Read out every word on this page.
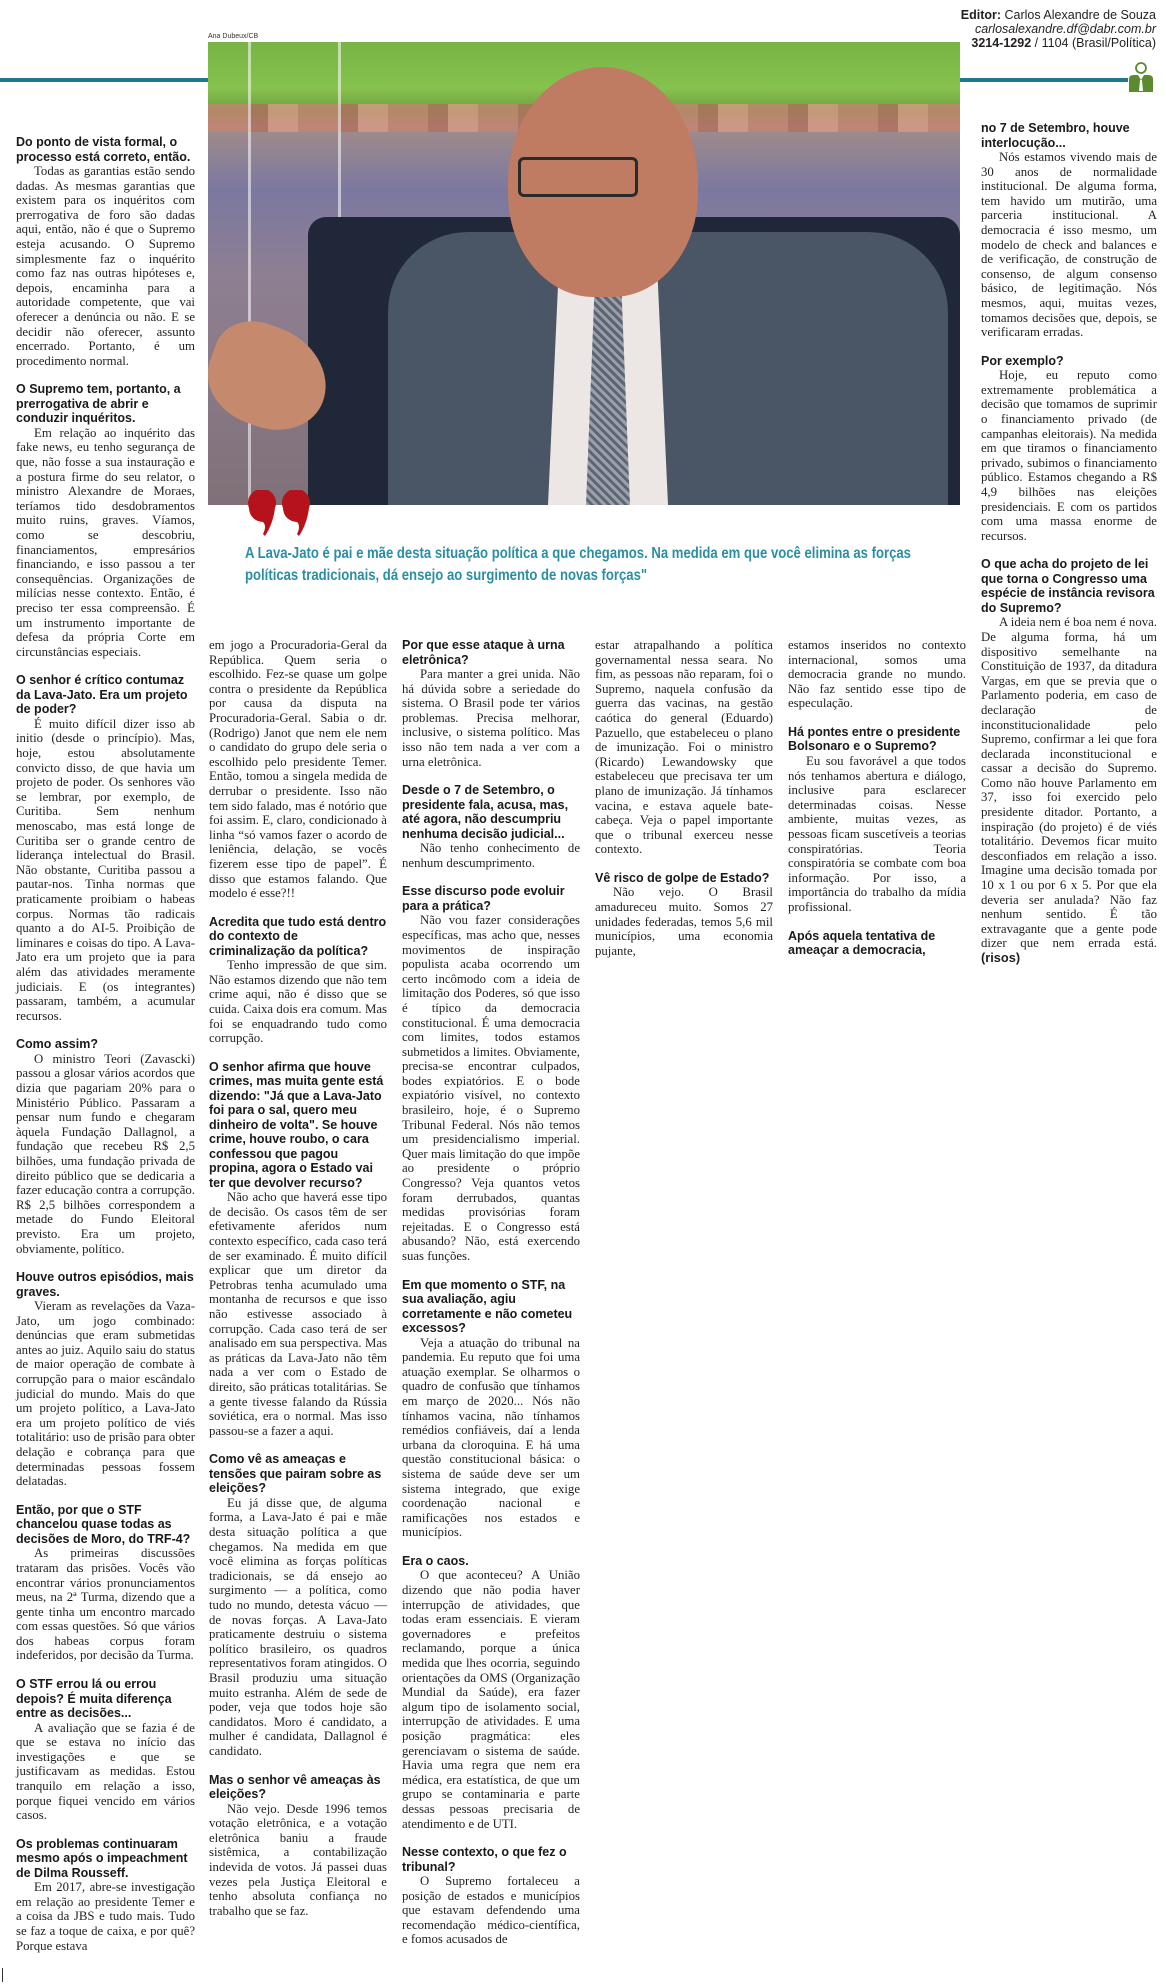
Editor: Carlos Alexandre de Souza
carlosalexandre.df@dabr.com.br
3214-1292 / 1104 (Brasil/Política)
Ana Dubeux/CB
A Lava-Jato é pai e mãe desta situação política a que chegamos. Na medida em que você elimina as forças políticas tradicionais, dá ensejo ao surgimento de novas forças"

Do ponto de vista formal, o processo está correto, então.

Todas as garantias estão sendo dadas. As mesmas garantias que existem para os inquéritos com prerrogativa de foro são dadas aqui, então, não é que o Supremo esteja acusando. O Supremo simplesmente faz o inquérito como faz nas outras hipóteses e, depois, encaminha para a autoridade competente, que vai oferecer a denúncia ou não. E se decidir não oferecer, assunto encerrado. Portanto, é um procedimento normal.

O Supremo tem, portanto, a prerrogativa de abrir e conduzir inquéritos.

Em relação ao inquérito das fake news, eu tenho segurança de que, não fosse a sua instauração e a postura firme do seu relator, o ministro Alexandre de Moraes, teríamos tido desdobramentos muito ruins, graves. Víamos, como se descobriu, financiamentos, empresários financiando, e isso passou a ter consequências. Organizações de milícias nesse contexto. Então, é preciso ter essa compreensão. É um instrumento importante de defesa da própria Corte em circunstâncias especiais.

O senhor é crítico contumaz da Lava-Jato. Era um projeto de poder?

É muito difícil dizer isso ab initio (desde o princípio). Mas, hoje, estou absolutamente convicto disso, de que havia um projeto de poder. Os senhores vão se lembrar, por exemplo, de Curitiba. Sem nenhum menoscabo, mas está longe de Curitiba ser o grande centro de liderança intelectual do Brasil. Não obstante, Curitiba passou a pautar-nos. Tinha normas que praticamente proibiam o habeas corpus. Normas tão radicais quanto a do AI-5. Proibição de liminares e coisas do tipo. A Lava-Jato era um projeto que ia para além das atividades meramente judiciais. E (os integrantes) passaram, também, a acumular recursos.

Como assim?

O ministro Teori (Zavascki) passou a glosar vários acordos que dizia que pagariam 20% para o Ministério Público. Passaram a pensar num fundo e chegaram àquela Fundação Dallagnol, a fundação que recebeu R$ 2,5 bilhões, uma fundação privada de direito público que se dedicaria a fazer educação contra a corrupção. R$ 2,5 bilhões correspondem a metade do Fundo Eleitoral previsto. Era um projeto, obviamente, político.

Houve outros episódios, mais graves.

Vieram as revelações da Vaza-Jato, um jogo combinado: denúncias que eram submetidas antes ao juiz. Aquilo saiu do status de maior operação de combate à corrupção para o maior escândalo judicial do mundo. Mais do que um projeto político, a Lava-Jato era um projeto político de viés totalitário: uso de prisão para obter delação e cobrança para que determinadas pessoas fossem delatadas.

Então, por que o STF chancelou quase todas as decisões de Moro, do TRF-4?

As primeiras discussões trataram das prisões. Vocês vão encontrar vários pronunciamentos meus, na 2ª Turma, dizendo que a gente tinha um encontro marcado com essas questões. Só que vários dos habeas corpus foram indeferidos, por decisão da Turma.

O STF errou lá ou errou depois? É muita diferença entre as decisões...

A avaliação que se fazia é de que se estava no início das investigações e que se justificavam as medidas. Estou tranquilo em relação a isso, porque fiquei vencido em vários casos.

Os problemas continuaram mesmo após o impeachment de Dilma Rousseff.

Em 2017, abre-se investigação em relação ao presidente Temer e a coisa da JBS e tudo mais. Tudo se faz a toque de caixa, e por quê? Porque estava

em jogo a Procuradoria-Geral da República. Quem seria o escolhido. Fez-se quase um golpe contra o presidente da República por causa da disputa na Procuradoria-Geral. Sabia o dr. (Rodrigo) Janot que nem ele nem o candidato do grupo dele seria o escolhido pelo presidente Temer. Então, tomou a singela medida de derrubar o presidente. Isso não tem sido falado, mas é notório que foi assim. E, claro, condicionado à linha “só vamos fazer o acordo de leniência, delação, se vocês fizerem esse tipo de papel”. É disso que estamos falando. Que modelo é esse?!!

Acredita que tudo está dentro do contexto de criminalização da política?

Tenho impressão de que sim. Não estamos dizendo que não tem crime aqui, não é disso que se cuida. Caixa dois era comum. Mas foi se enquadrando tudo como corrupção.

O senhor afirma que houve crimes, mas muita gente está dizendo: "Já que a Lava-Jato foi para o sal, quero meu dinheiro de volta". Se houve crime, houve roubo, o cara confessou que pagou propina, agora o Estado vai ter que devolver recurso?

Não acho que haverá esse tipo de decisão. Os casos têm de ser efetivamente aferidos num contexto específico, cada caso terá de ser examinado. É muito difícil explicar que um diretor da Petrobras tenha acumulado uma montanha de recursos e que isso não estivesse associado à corrupção. Cada caso terá de ser analisado em sua perspectiva. Mas as práticas da Lava-Jato não têm nada a ver com o Estado de direito, são práticas totalitárias. Se a gente tivesse falando da Rússia soviética, era o normal. Mas isso passou-se a fazer a aqui.

Como vê as ameaças e tensões que pairam sobre as eleições?

Eu já disse que, de alguma forma, a Lava-Jato é pai e mãe desta situação política a que chegamos. Na medida em que você elimina as forças políticas tradicionais, se dá ensejo ao surgimento — a política, como tudo no mundo, detesta vácuo — de novas forças. A Lava-Jato praticamente destruiu o sistema político brasileiro, os quadros representativos foram atingidos. O Brasil produziu uma situação muito estranha. Além de sede de poder, veja que todos hoje são candidatos. Moro é candidato, a mulher é candidata, Dallagnol é candidato.

Mas o senhor vê ameaças às eleições?

Não vejo. Desde 1996 temos votação eletrônica, e a votação eletrônica baniu a fraude sistêmica, a contabilização indevida de votos. Já passei duas vezes pela Justiça Eleitoral e tenho absoluta confiança no trabalho que se faz.

Por que esse ataque à urna eletrônica?

Para manter a grei unida. Não há dúvida sobre a seriedade do sistema. O Brasil pode ter vários problemas. Precisa melhorar, inclusive, o sistema político. Mas isso não tem nada a ver com a urna eletrônica.

Desde o 7 de Setembro, o presidente fala, acusa, mas, até agora, não descumpriu nenhuma decisão judicial...

Não tenho conhecimento de nenhum descumprimento.

Esse discurso pode evoluir para a prática?

Não vou fazer considerações específicas, mas acho que, nesses movimentos de inspiração populista acaba ocorrendo um certo incômodo com a ideia de limitação dos Poderes, só que isso é típico da democracia constitucional. É uma democracia com limites, todos estamos submetidos a limites. Obviamente, precisa-se encontrar culpados, bodes expiatórios. E o bode expiatório visível, no contexto brasileiro, hoje, é o Supremo Tribunal Federal. Nós não temos um presidencialismo imperial. Quer mais limitação do que impõe ao presidente o próprio Congresso? Veja quantos vetos foram derrubados, quantas medidas provisórias foram rejeitadas. E o Congresso está abusando? Não, está exercendo suas funções.

Em que momento o STF, na sua avaliação, agiu corretamente e não cometeu excessos?

Veja a atuação do tribunal na pandemia. Eu reputo que foi uma atuação exemplar. Se olharmos o quadro de confusão que tínhamos em março de 2020... Nós não tínhamos vacina, não tínhamos remédios confiáveis, daí a lenda urbana da cloroquina. E há uma questão constitucional básica: o sistema de saúde deve ser um sistema integrado, que exige coordenação nacional e ramificações nos estados e municípios.

Era o caos.

O que aconteceu? A União dizendo que não podia haver interrupção de atividades, que todas eram essenciais. E vieram governadores e prefeitos reclamando, porque a única medida que lhes ocorria, seguindo orientações da OMS (Organização Mundial da Saúde), era fazer algum tipo de isolamento social, interrupção de atividades. E uma posição pragmática: eles gerenciavam o sistema de saúde. Havia uma regra que nem era médica, era estatística, de que um grupo se contaminaria e parte dessas pessoas precisaria de atendimento e de UTI.

Nesse contexto, o que fez o tribunal?

O Supremo fortaleceu a posição de estados e municípios que estavam defendendo uma recomendação médico-científica, e fomos acusados de

estar atrapalhando a política governamental nessa seara. No fim, as pessoas não reparam, foi o Supremo, naquela confusão da guerra das vacinas, na gestão caótica do general (Eduardo) Pazuello, que estabeleceu o plano de imunização. Foi o ministro (Ricardo) Lewandowsky que estabeleceu que precisava ter um plano de imunização. Já tínhamos vacina, e estava aquele bate-cabeça. Veja o papel importante que o tribunal exerceu nesse contexto.

Vê risco de golpe de Estado?

Não vejo. O Brasil amadureceu muito. Somos 27 unidades federadas, temos 5,6 mil municípios, uma economia pujante,

estamos inseridos no contexto internacional, somos uma democracia grande no mundo. Não faz sentido esse tipo de especulação.

Há pontes entre o presidente Bolsonaro e o Supremo?

Eu sou favorável a que todos nós tenhamos abertura e diálogo, inclusive para esclarecer determinadas coisas. Nesse ambiente, muitas vezes, as pessoas ficam suscetíveis a teorias conspiratórias. Teoria conspiratória se combate com boa informação. Por isso, a importância do trabalho da mídia profissional.

Após aquela tentativa de ameaçar a democracia,

no 7 de Setembro, houve interlocução...

Nós estamos vivendo mais de 30 anos de normalidade institucional. De alguma forma, tem havido um mutirão, uma parceria institucional. A democracia é isso mesmo, um modelo de check and balances e de verificação, de construção de consenso, de algum consenso básico, de legitimação. Nós mesmos, aqui, muitas vezes, tomamos decisões que, depois, se verificaram erradas.

Por exemplo?

Hoje, eu reputo como extremamente problemática a decisão que tomamos de suprimir o financiamento privado (de campanhas eleitorais). Na medida em que tiramos o financiamento privado, subimos o financiamento público. Estamos chegando a R$ 4,9 bilhões nas eleições presidenciais. E com os partidos com uma massa enorme de recursos.

O que acha do projeto de lei que torna o Congresso uma espécie de instância revisora do Supremo?

A ideia nem é boa nem é nova. De alguma forma, há um dispositivo semelhante na Constituição de 1937, da ditadura Vargas, em que se previa que o Parlamento poderia, em caso de declaração de inconstitucionalidade pelo Supremo, confirmar a lei que fora declarada inconstitucional e cassar a decisão do Supremo. Como não houve Parlamento em 37, isso foi exercido pelo presidente ditador. Portanto, a inspiração (do projeto) é de viés totalitário. Devemos ficar muito desconfiados em relação a isso. Imagine uma decisão tomada por 10 x 1 ou por 6 x 5. Por que ela deveria ser anulada? Não faz nenhum sentido. É tão extravagante que a gente pode dizer que nem errada está. (risos)
